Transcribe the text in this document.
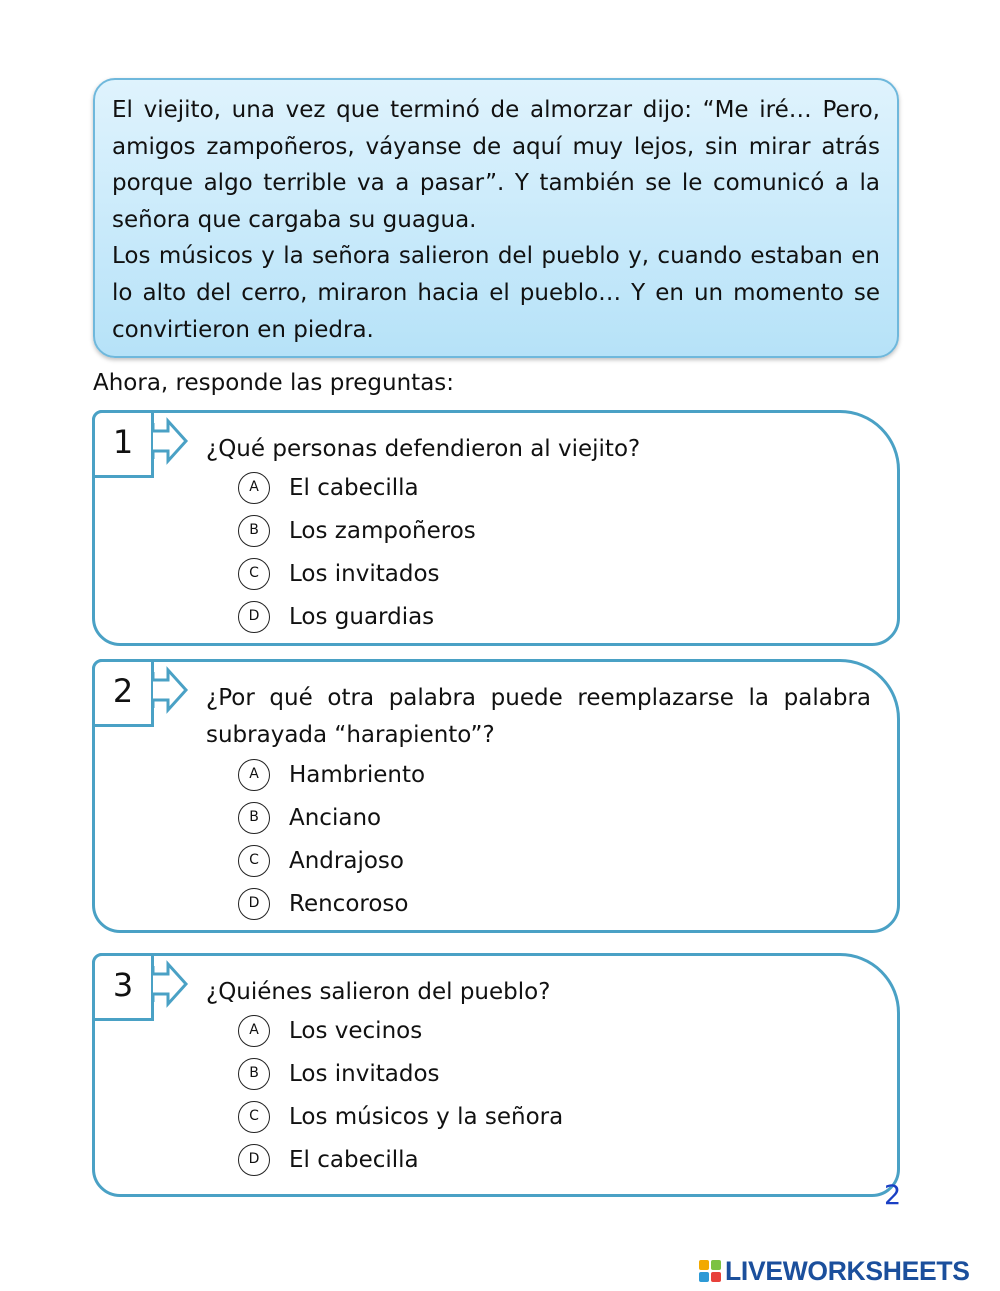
El viejito, una vez que terminó de almorzar dijo: “Me iré… Pero, amigos zampoñeros, váyanse de aquí muy lejos, sin mirar atrás porque algo terrible va a pasar”. Y también se le comunicó a la señora que cargaba su guagua.

Los músicos y la señora salieron del pueblo y, cuando estaban en lo alto del cerro, miraron hacia el pueblo… Y en un momento se convirtieron en piedra.

Ahora, responde las preguntas:
1	¿Qué personas defendieron al viejito?

A	El cabecilla
B	Los zampoñeros
C	Los invitados
D	Los guardias
2	¿Por qué otra palabra puede reemplazarse la palabra subrayada “harapiento”?

A	Hambriento
B	Anciano
C	Andrajoso
D	Rencoroso
3	¿Quiénes salieron del pueblo?

A	Los vecinos
B	Los invitados
C	Los músicos y la señora
D	El cabecilla
2
LIVEWORKSHEETS
